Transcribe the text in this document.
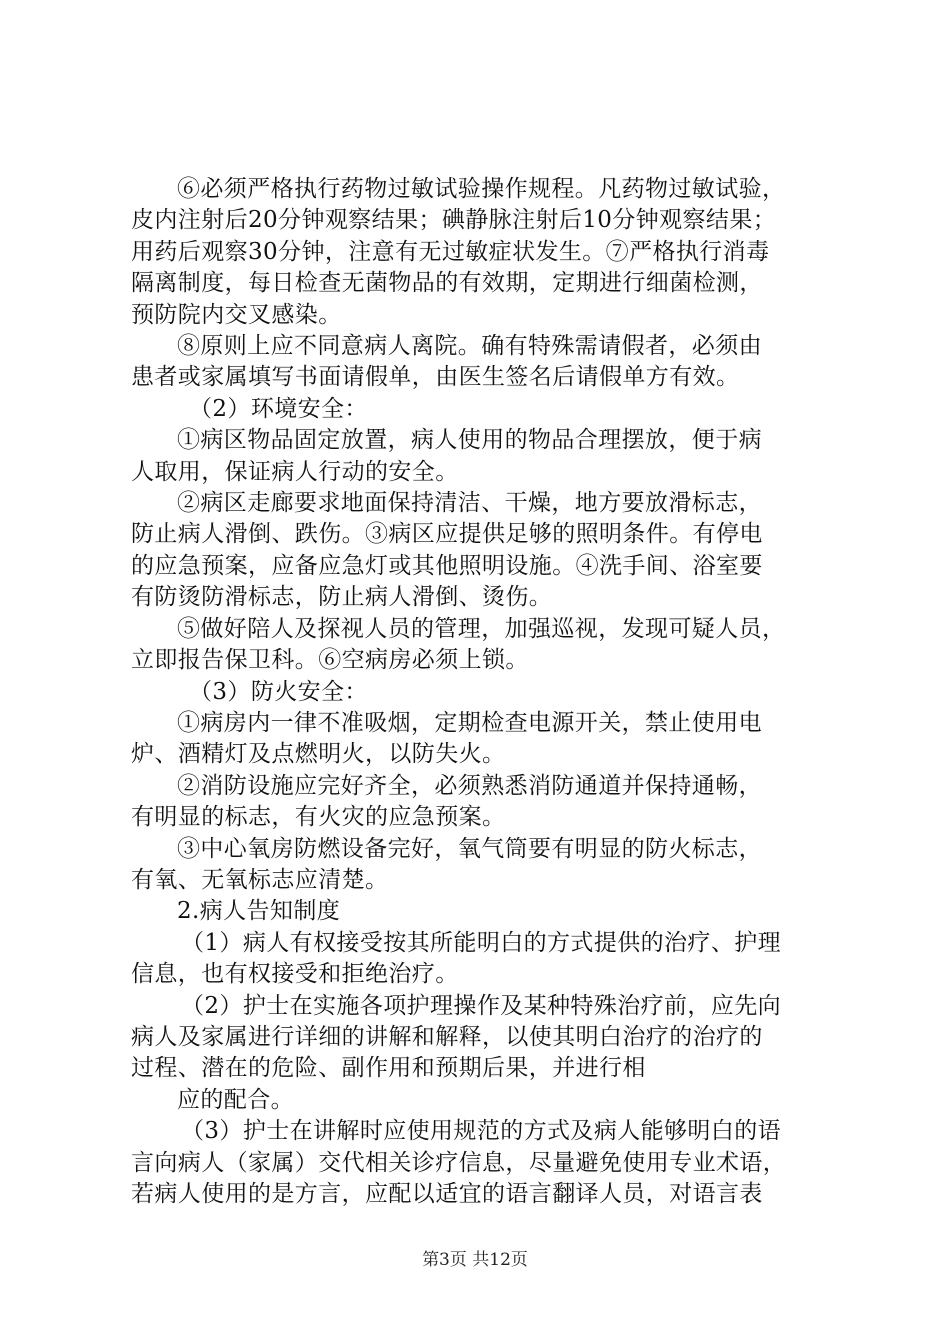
⑥必须严格执行药物过敏试验操作规程。凡药物过敏试验，

皮内注射后20分钟观察结果；碘静脉注射后10分钟观察结果；

用药后观察30分钟，注意有无过敏症状发生。⑦严格执行消毒

隔离制度，每日检查无菌物品的有效期，定期进行细菌检测，

预防院内交叉感染。

⑧原则上应不同意病人离院。确有特殊需请假者，必须由

患者或家属填写书面请假单，由医生签名后请假单方有效。

（2）环境安全：

①病区物品固定放置，病人使用的物品合理摆放，便于病

人取用，保证病人行动的安全。

②病区走廊要求地面保持清洁、干燥，地方要放滑标志，

防止病人滑倒、跌伤。③病区应提供足够的照明条件。有停电

的应急预案，应备应急灯或其他照明设施。④洗手间、浴室要

有防烫防滑标志，防止病人滑倒、烫伤。

⑤做好陪人及探视人员的管理，加强巡视，发现可疑人员，

立即报告保卫科。⑥空病房必须上锁。

（3）防火安全：

①病房内一律不准吸烟，定期检查电源开关，禁止使用电

炉、酒精灯及点燃明火，以防失火。

②消防设施应完好齐全，必须熟悉消防通道并保持通畅，

有明显的标志，有火灾的应急预案。

③中心氧房防燃设备完好，氧气筒要有明显的防火标志，

有氧、无氧标志应清楚。

2.病人告知制度

（1）病人有权接受按其所能明白的方式提供的治疗、护理

信息，也有权接受和拒绝治疗。

（2）护士在实施各项护理操作及某种特殊治疗前，应先向

病人及家属进行详细的讲解和解释，以使其明白治疗的治疗的

过程、潜在的危险、副作用和预期后果，并进行相

应的配合。

（3）护士在讲解时应使用规范的方式及病人能够明白的语

言向病人（家属）交代相关诊疗信息，尽量避免使用专业术语，

若病人使用的是方言，应配以适宜的语言翻译人员，对语言表

第3页 共12页
